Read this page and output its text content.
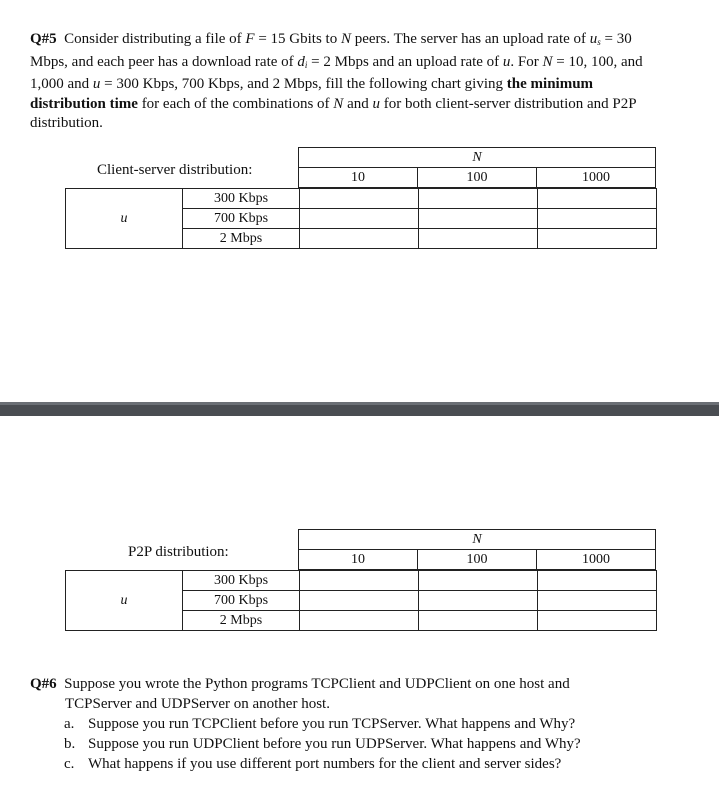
Q#5 Consider distributing a file of F = 15 Gbits to N peers. The server has an upload rate of $u_s = 30$ Mbps, and each peer has a download rate of $d_i = 2$ Mbps and an upload rate of u. For N = 10, 100, and 1,000 and u = 300 Kbps, 700 Kbps, and 2 Mbps, fill the following chart giving the minimum distribution time for each of the combinations of N and u for both client-server distribution and P2P distribution.
Client-server distribution:
N
10	100	1000
u	300 Kbps			
	700 Kbps			
	2 Mbps			
P2P distribution:
N
10	100	1000
u	300 Kbps			
	700 Kbps			
	2 Mbps			
Q#6 Suppose you wrote the Python programs TCPClient and UDPClient on one host and
TCPServer and UDPServer on another host.
a. Suppose you run TCPClient before you run TCPServer. What happens and Why?
b. Suppose you run UDPClient before you run UDPServer. What happens and Why?
c. What happens if you use different port numbers for the client and server sides?
